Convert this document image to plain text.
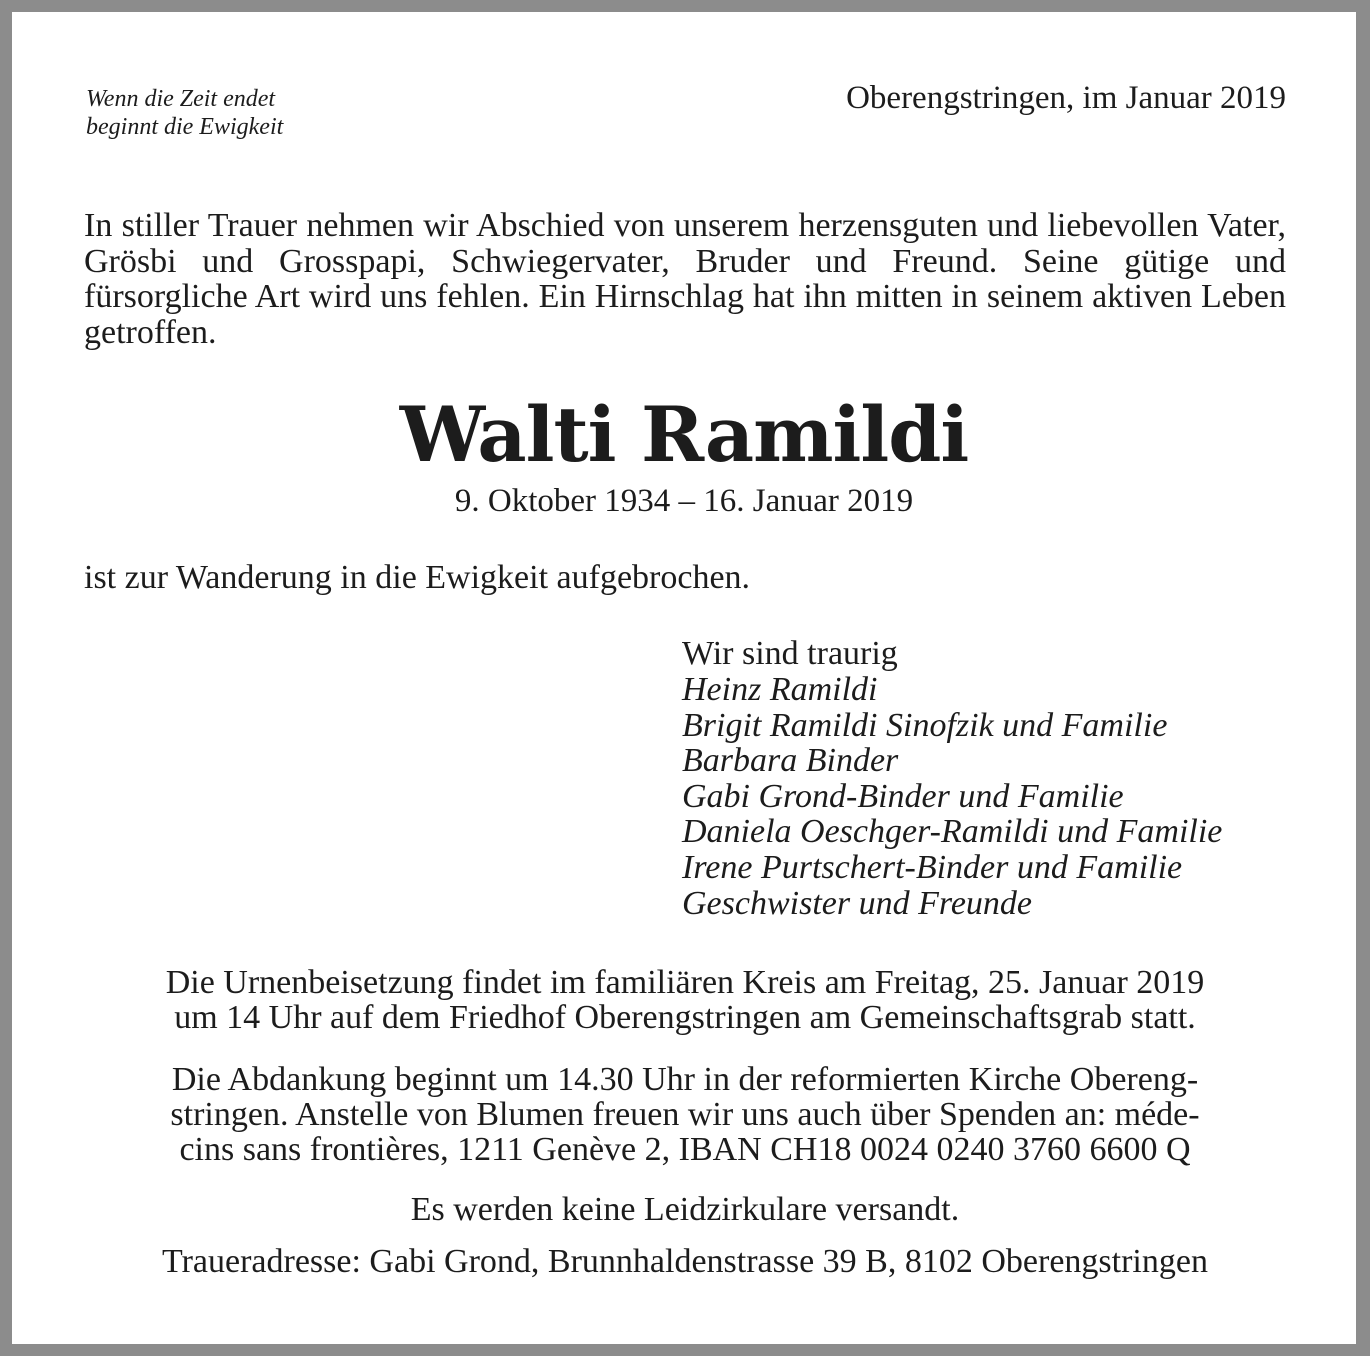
Wenn die Zeit endet
beginnt die Ewigkeit
Oberengstringen, im Januar 2019
In stiller Trauer nehmen wir Abschied von unserem herzensguten und liebevollen Vater, Grösbi und Grosspapi, Schwiegervater, Bruder und Freund. Seine gütige und fürsorgliche Art wird uns fehlen. Ein Hirnschlag hat ihn mitten in seinem aktiven Leben getroffen.
Walti Ramildi
9. Oktober 1934 – 16. Januar 2019
ist zur Wanderung in die Ewigkeit aufgebrochen.
Wir sind traurig
Heinz Ramildi
Brigit Ramildi Sinofzik und Familie
Barbara Binder
Gabi Grond-Binder und Familie
Daniela Oeschger-Ramildi und Familie
Irene Purtschert-Binder und Familie
Geschwister und Freunde
Die Urnenbeisetzung findet im familiären Kreis am Freitag, 25. Januar 2019
um 14 Uhr auf dem Friedhof Oberengstringen am Gemeinschaftsgrab statt.
Die Abdankung beginnt um 14.30 Uhr in der reformierten Kirche Obereng-
stringen. Anstelle von Blumen freuen wir uns auch über Spenden an: méde-
cins sans frontières, 1211 Genève 2, IBAN CH18 0024 0240 3760 6600 Q
Es werden keine Leidzirkulare versandt.
Traueradresse: Gabi Grond, Brunnhaldenstrasse 39 B, 8102 Oberengstringen
